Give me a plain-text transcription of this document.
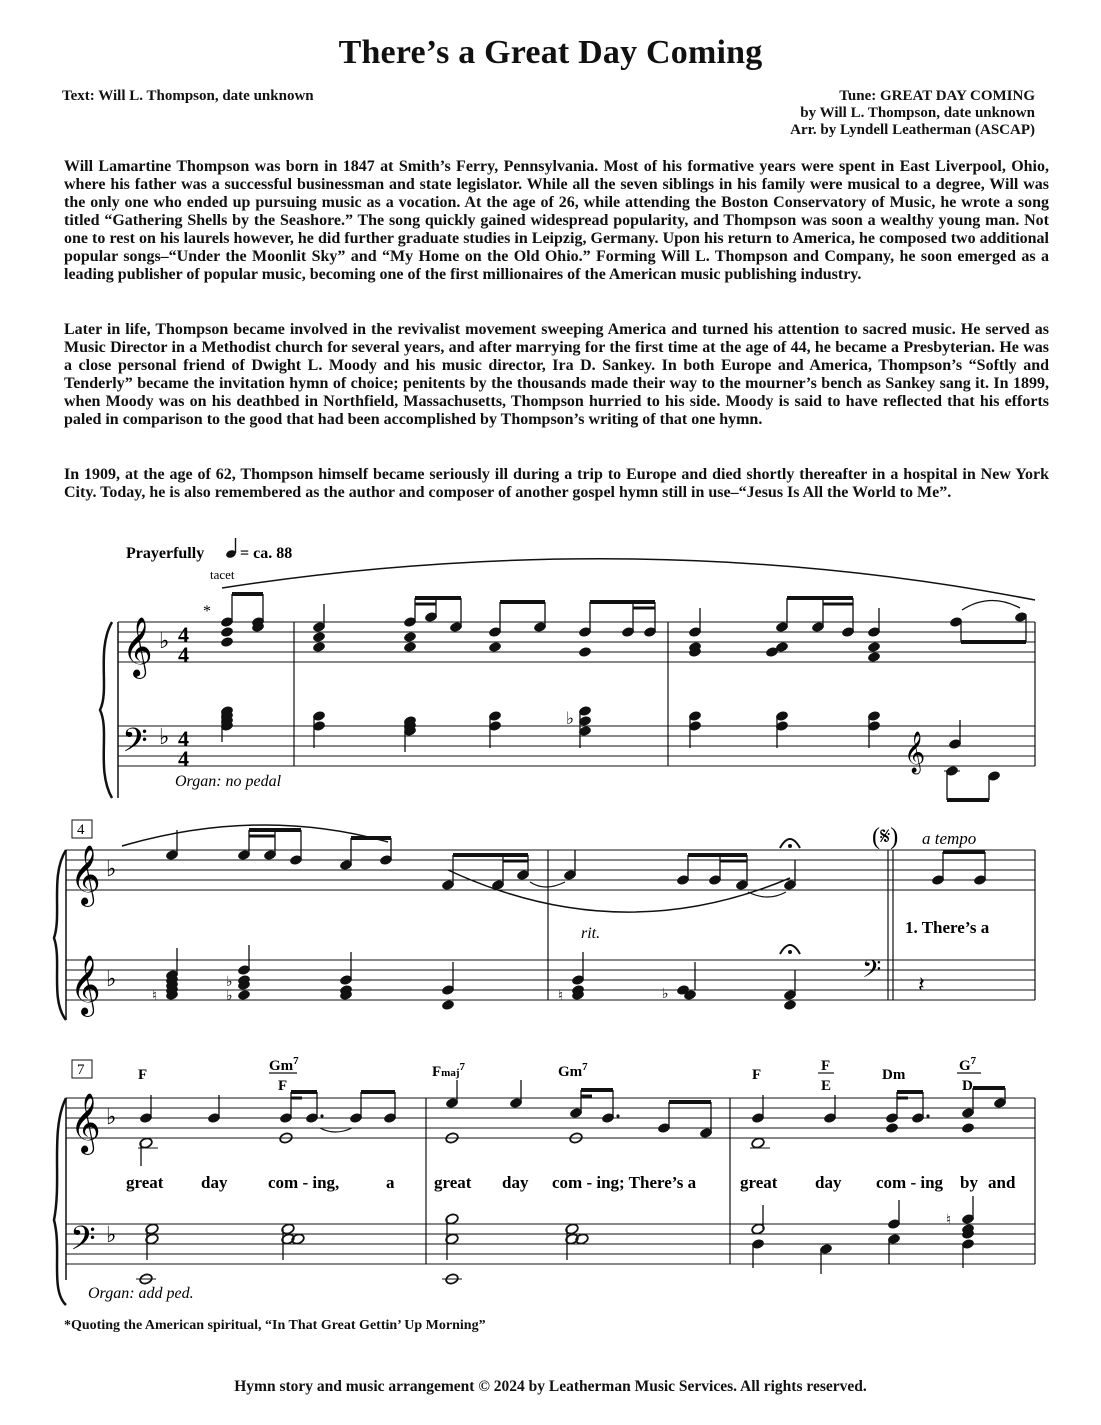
There’s a Great Day Coming
Text: Will L. Thompson, date unknown	Tune: GREAT DAY COMING
by Will L. Thompson, date unknown
Arr. by Lyndell Leatherman (ASCAP)
Will Lamartine Thompson was born in 1847 at Smith’s Ferry, Pennsylvania. Most of his formative years were spent in East Liverpool, Ohio, where his father was a successful businessman and state legislator. While all the seven siblings in his family were musical to a degree, Will was the only one who ended up pursuing music as a vocation. At the age of 26, while attending the Boston Conservatory of Music, he wrote a song titled “Gathering Shells by the Seashore.” The song quickly gained widespread popularity, and Thompson was soon a wealthy young man. Not one to rest on his laurels however, he did further graduate studies in Leipzig, Germany. Upon his return to America, he composed two additional popular songs–“Under the Moonlit Sky” and “My Home on the Old Ohio.” Forming Will L. Thompson and Company, he soon emerged as a leading publisher of popular music, becoming one of the first millionaires of the American music publishing industry.
Later in life, Thompson became involved in the revivalist movement sweeping America and turned his attention to sacred music. He served as Music Director in a Methodist church for several years, and after marrying for the first time at the age of 44, he became a Presbyterian. He was a close personal friend of Dwight L. Moody and his music director, Ira D. Sankey. In both Europe and America, Thompson’s “Softly and Tenderly” became the invitation hymn of choice; penitents by the thousands made their way to the mourner’s bench as Sankey sang it. In 1899, when Moody was on his deathbed in Northfield, Massachusetts, Thompson hurried to his side. Moody is said to have reflected that his efforts paled in comparison to the good that had been accomplished by Thompson’s writing of that one hymn.
In 1909, at the age of 62, Thompson himself became seriously ill during a trip to Europe and died shortly thereafter in a hospital in New York City. Today, he is also remembered as the author and composer of another gospel hymn still in use–“Jesus Is All the World to Me”.
Prayerfully = ca. 88
tacet
*
𝄞 ♭ 4
4
𝄢 ♭ 4
4
♭
𝄞
Organ: no pedal
4
𝄞 ♭
𝄞 ♭
♮
♭
♭	♮	♭
𝄢 𝄽
rit.
(𝄋) a tempo
1. There’s a
7	F
Gm$^7$
F
Fmaj$^7$	Gm$^7$	F
F
E
Dm
$G^7$
D
𝄞 ♭
𝄢 ♭
great day com - ing,	a great day com - ing; There’s a	great day com - ing by and
♮
Organ: add ped.
*Quoting the American spiritual, “In That Great Gettin’ Up Morning”
Hymn story and music arrangement © 2024 by Leatherman Music Services. All rights reserved.
